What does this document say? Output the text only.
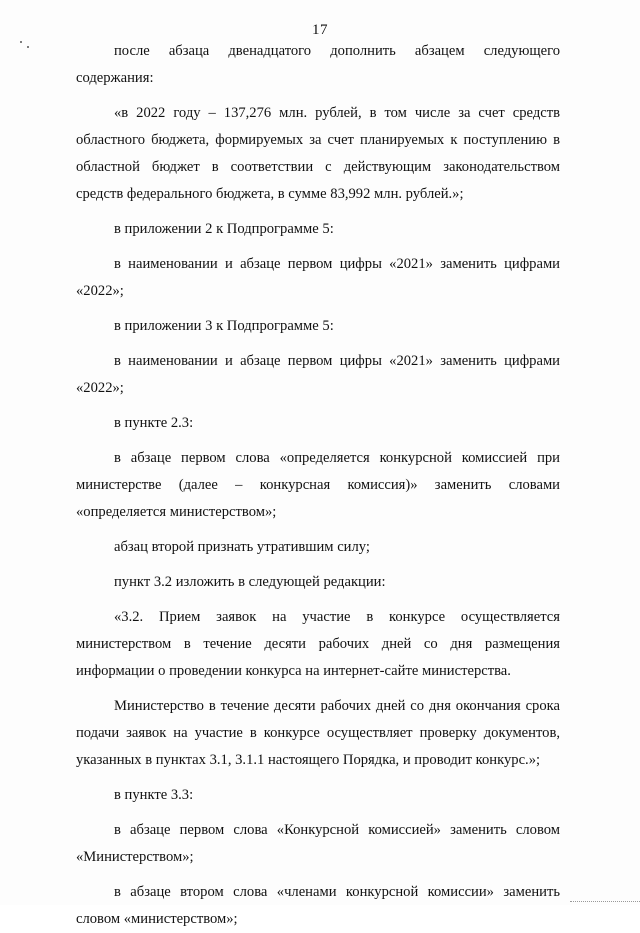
17

после абзаца двенадцатого дополнить абзацем следующего содержания:

«в 2022 году – 137,276 млн. рублей, в том числе за счет средств областного бюджета, формируемых за счет планируемых к поступлению в областной бюджет в соответствии с действующим законодательством средств федерального бюджета, в сумме 83,992 млн. рублей.»;

в приложении 2 к Подпрограмме 5:

в наименовании и абзаце первом цифры «2021» заменить цифрами «2022»;

в приложении 3 к Подпрограмме 5:

в наименовании и абзаце первом цифры «2021» заменить цифрами «2022»;

в пункте 2.3:

в абзаце первом слова «определяется конкурсной комиссией при министерстве (далее – конкурсная комиссия)» заменить словами «определяется министерством»;

абзац второй признать утратившим силу;

пункт 3.2 изложить в следующей редакции:

«3.2. Прием заявок на участие в конкурсе осуществляется министерством в течение десяти рабочих дней со дня размещения информации о проведении конкурса на интернет-сайте министерства.

Министерство в течение десяти рабочих дней со дня окончания срока подачи заявок на участие в конкурсе осуществляет проверку документов, указанных в пунктах 3.1, 3.1.1 настоящего Порядка, и проводит конкурс.»;

в пункте 3.3:

в абзаце первом слова «Конкурсной комиссией» заменить словом «Министерством»;

в абзаце втором слова «членами конкурсной комиссии» заменить словом «министерством»;
